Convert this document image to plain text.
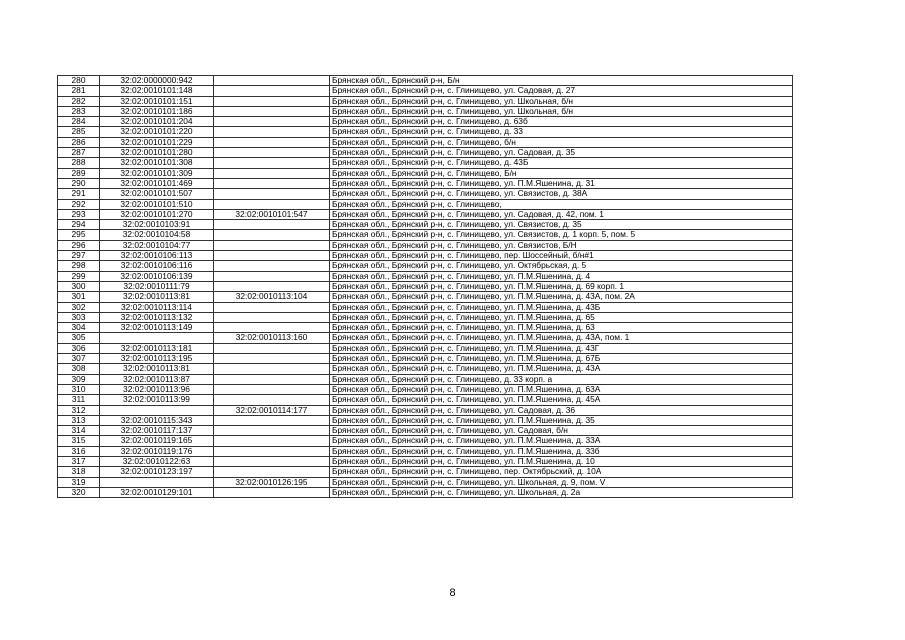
280	32:02:0000000:942		Брянская обл., Брянский р-н, Б/н
281	32:02:0010101:148		Брянская обл., Брянский р-н, с. Глинищево, ул. Садовая, д. 27
282	32:02:0010101:151		Брянская обл., Брянский р-н, с. Глинищево, ул. Школьная, б/н
283	32:02:0010101:186		Брянская обл., Брянский р-н, с. Глинищево, ул. Школьная, б/н
284	32:02:0010101:204		Брянская обл., Брянский р-н, с. Глинищево, д. 63б
285	32:02:0010101:220		Брянская обл., Брянский р-н, с. Глинищево, д. 33
286	32:02:0010101:229		Брянская обл., Брянский р-н, с. Глинищево, б/н
287	32:02:0010101:280		Брянская обл., Брянский р-н, с. Глинищево, ул. Садовая, д. 35
288	32:02:0010101:308		Брянская обл., Брянский р-н, с. Глинищево, д. 43Б
289	32:02:0010101:309		Брянская обл., Брянский р-н, с. Глинищево, Б/н
290	32:02:0010101:469		Брянская обл., Брянский р-н, с. Глинищево, ул. П.М.Яшенина, д. 31
291	32:02:0010101:507		Брянская обл., Брянский р-н, с. Глинищево, ул. Связистов, д. 38А
292	32:02:0010101:510		Брянская обл., Брянский р-н, с. Глинищево,
293	32:02:0010101:270	32:02:0010101:547	Брянская обл., Брянский р-н, с. Глинищево, ул. Садовая, д. 42, пом. 1
294	32:02:0010103:91		Брянская обл., Брянский р-н, с. Глинищево, ул. Связистов, д. 35
295	32:02:0010104:58		Брянская обл., Брянский р-н, с. Глинищево, ул. Связистов, д. 1 корп. 5, пом. 5
296	32:02:0010104:77		Брянская обл., Брянский р-н, с. Глинищево, ул. Связистов, Б/Н
297	32:02:0010106:113		Брянская обл., Брянский р-н, с. Глинищево, пер. Шоссейный, б/н#1
298	32:02:0010106:116		Брянская обл., Брянский р-н, с. Глинищево, ул. Октябрьская, д. 5
299	32:02:0010106:139		Брянская обл., Брянский р-н, с. Глинищево, ул. П.М.Яшенина, д. 4
300	32:02:0010111:79		Брянская обл., Брянский р-н, с. Глинищево, ул. П.М.Яшенина, д. 69 корп. 1
301	32:02:0010113:81	32:02:0010113:104	Брянская обл., Брянский р-н, с. Глинищево, ул. П.М.Яшенина, д. 43А, пом. 2А
302	32:02:0010113:114		Брянская обл., Брянский р-н, с. Глинищево, ул. П.М.Яшенина, д. 43Б
303	32:02:0010113:132		Брянская обл., Брянский р-н, с. Глинищево, ул. П.М.Яшенина, д. 65
304	32:02:0010113:149		Брянская обл., Брянский р-н, с. Глинищево, ул. П.М.Яшенина, д. 63
305		32:02:0010113:160	Брянская обл., Брянский р-н, с. Глинищево, ул. П.М.Яшенина, д. 43А, пом. 1
306	32:02:0010113:181		Брянская обл., Брянский р-н, с. Глинищево, ул. П.М.Яшенина, д. 43Г
307	32:02:0010113:195		Брянская обл., Брянский р-н, с. Глинищево, ул. П.М.Яшенина, д. 67Б
308	32:02:0010113:81		Брянская обл., Брянский р-н, с. Глинищево, ул. П.М.Яшенина, д. 43А
309	32:02:0010113:87		Брянская обл., Брянский р-н, с. Глинищево, д. 33 корп. а
310	32:02:0010113:96		Брянская обл., Брянский р-н, с. Глинищево, ул. П.М.Яшенина, д. 63А
311	32:02:0010113:99		Брянская обл., Брянский р-н, с. Глинищево, ул. П.М.Яшенина, д. 45А
312		32:02:0010114:177	Брянская обл., Брянский р-н, с. Глинищево, ул. Садовая, д. 36
313	32:02:0010115:343		Брянская обл., Брянский р-н, с. Глинищево, ул. П.М.Яшенина, д. 35
314	32:02:0010117:137		Брянская обл., Брянский р-н, с. Глинищево, ул. Садовая, б/н
315	32:02:0010119:165		Брянская обл., Брянский р-н, с. Глинищево, ул. П.М.Яшенина, д. 33А
316	32:02:0010119:176		Брянская обл., Брянский р-н, с. Глинищево, ул. П.М.Яшенина, д. 33б
317	32:02:0010122:63		Брянская обл., Брянский р-н, с. Глинищево, ул. П.М.Яшенина, д. 10
318	32:02:0010123:197		Брянская обл., Брянский р-н, с. Глинищево, пер. Октябрьский, д. 10А
319		32:02:0010126:195	Брянская обл., Брянский р-н, с. Глинищево, ул. Школьная, д. 9, пом. V
320	32:02:0010129:101		Брянская обл., Брянский р-н, с. Глинищево, ул. Школьная, д. 2а
8
